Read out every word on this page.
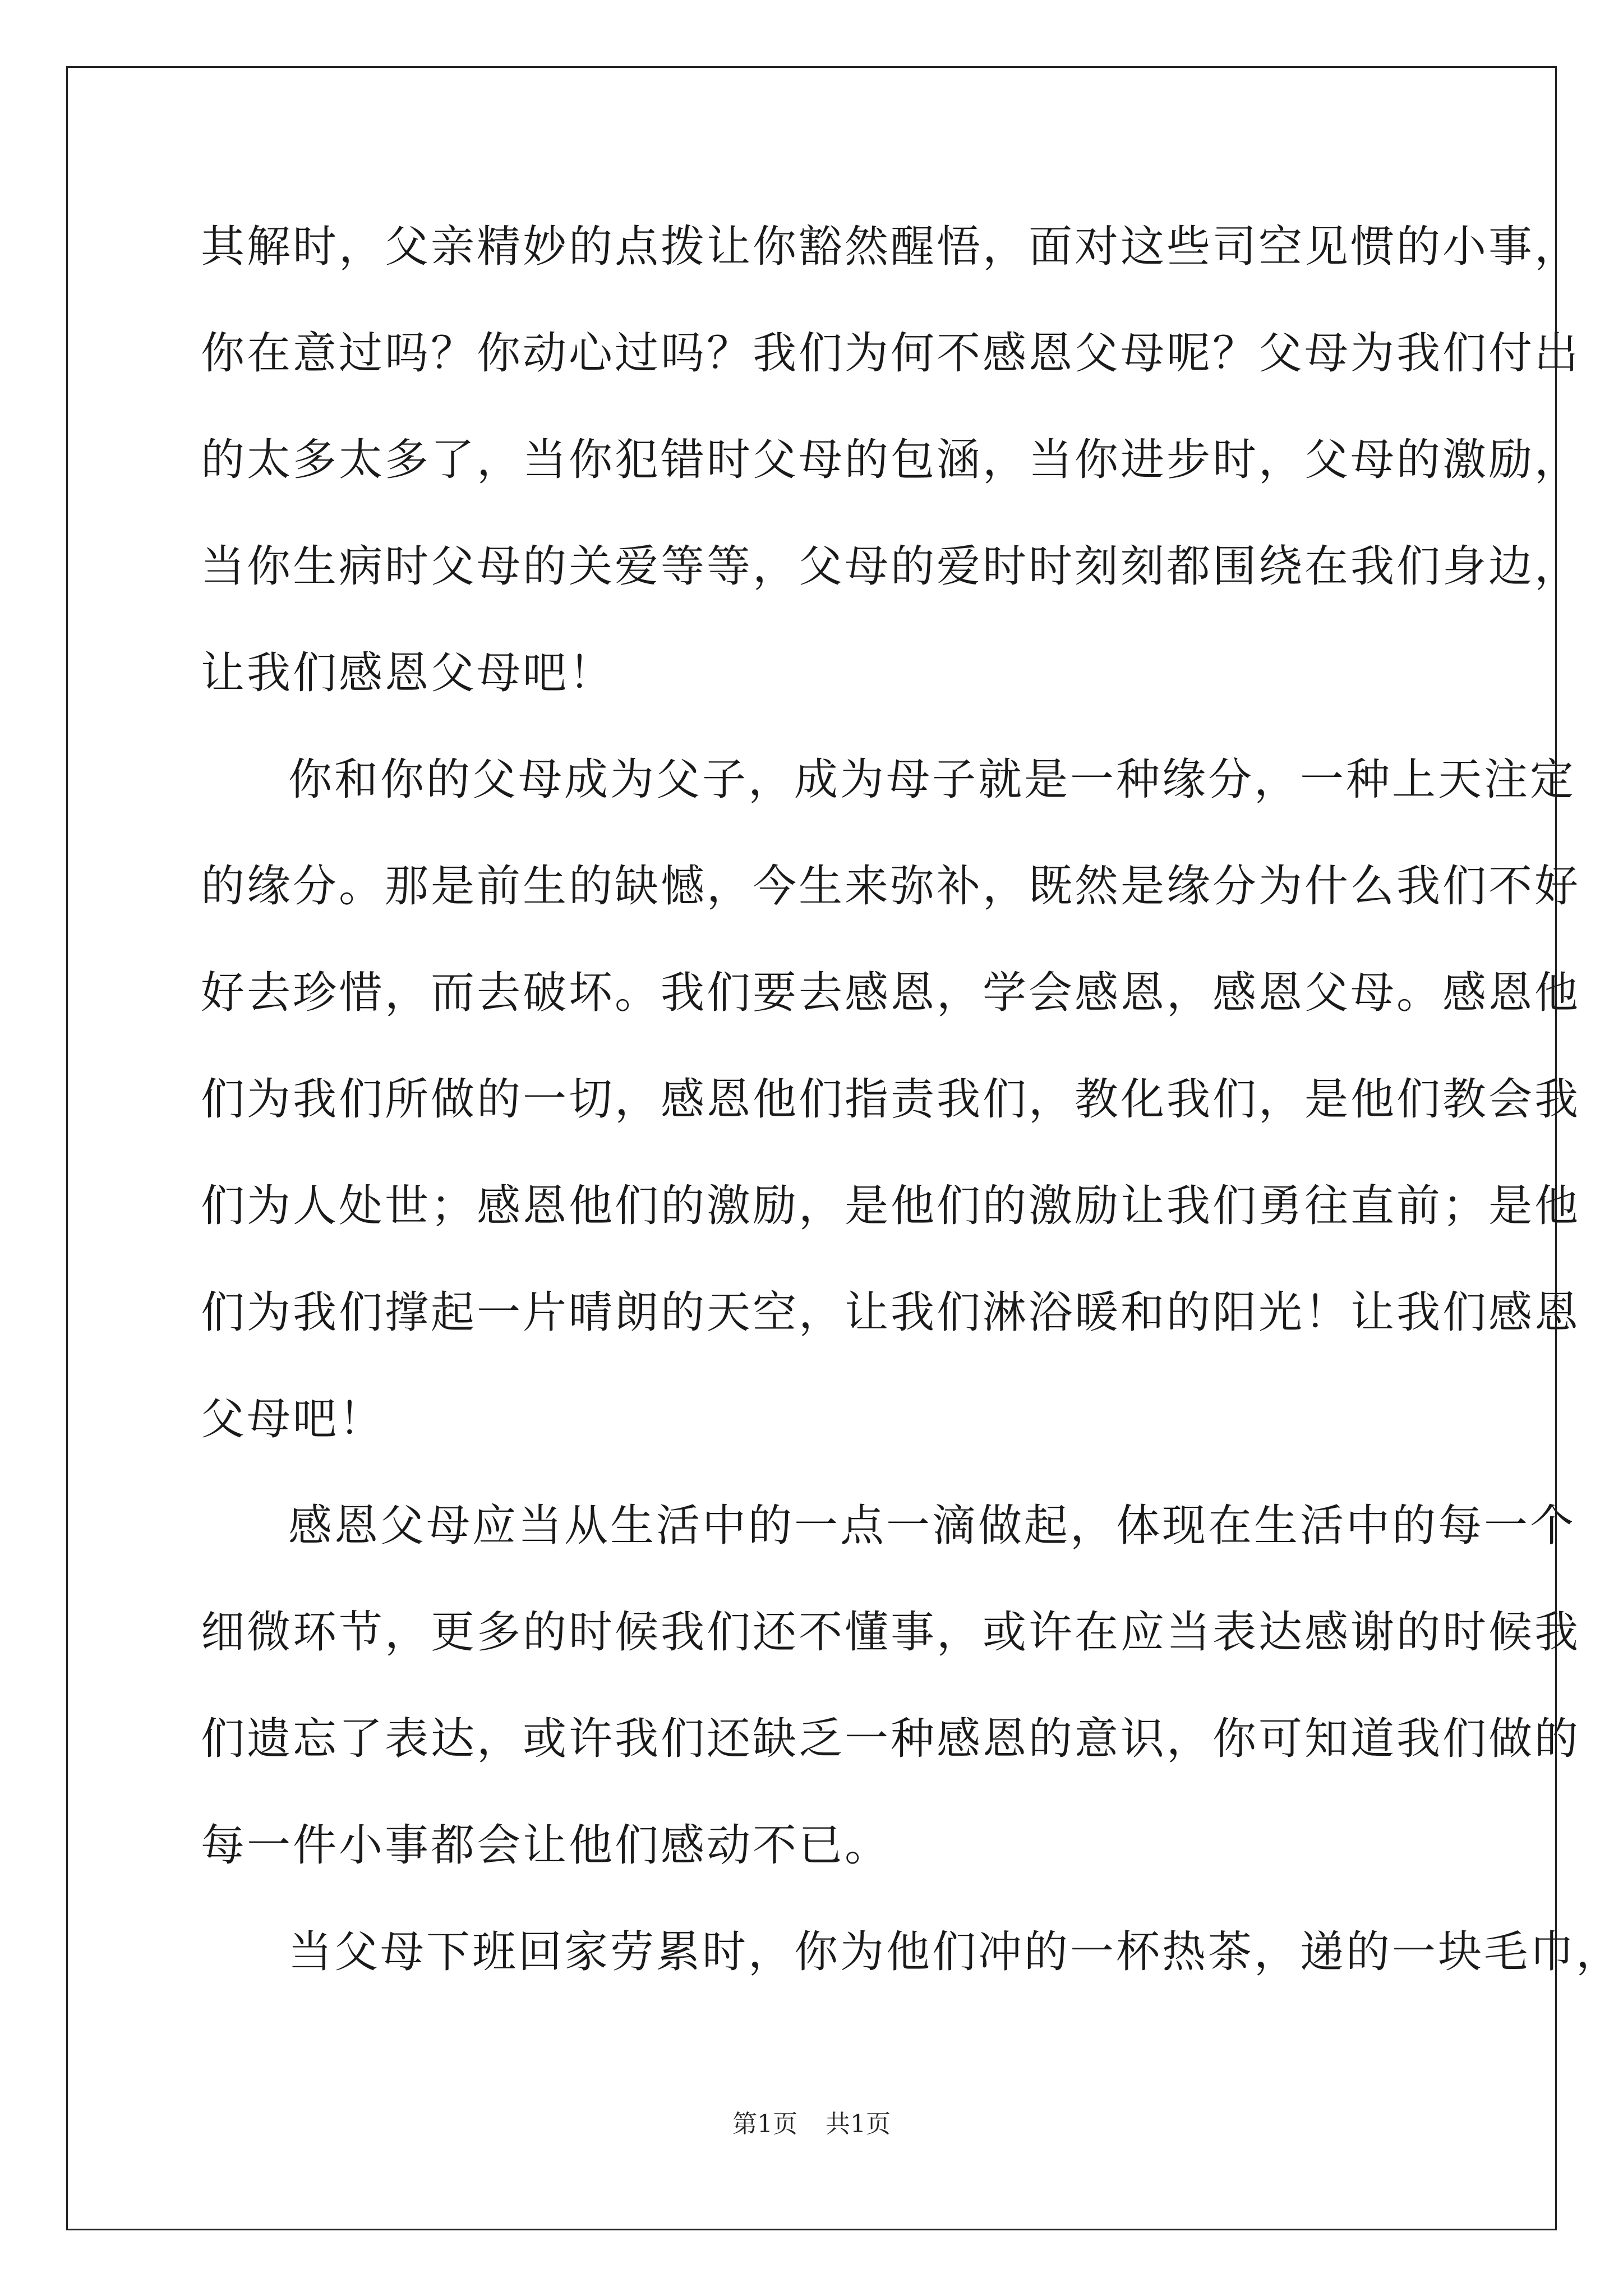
其解时，父亲精妙的点拨让你豁然醒悟，面对这些司空见惯的小事，
你在意过吗？你动心过吗？我们为何不感恩父母呢？父母为我们付出
的太多太多了，当你犯错时父母的包涵，当你进步时，父母的激励，
当你生病时父母的关爱等等，父母的爱时时刻刻都围绕在我们身边，
让我们感恩父母吧！
你和你的父母成为父子，成为母子就是一种缘分，一种上天注定
的缘分。那是前生的缺憾，今生来弥补，既然是缘分为什么我们不好
好去珍惜，而去破坏。我们要去感恩，学会感恩，感恩父母。感恩他
们为我们所做的一切，感恩他们指责我们，教化我们，是他们教会我
们为人处世；感恩他们的激励，是他们的激励让我们勇往直前；是他
们为我们撑起一片晴朗的天空，让我们淋浴暖和的阳光！让我们感恩
父母吧！
感恩父母应当从生活中的一点一滴做起，体现在生活中的每一个
细微环节，更多的时候我们还不懂事，或许在应当表达感谢的时候我
们遗忘了表达，或许我们还缺乏一种感恩的意识，你可知道我们做的
每一件小事都会让他们感动不已。
当父母下班回家劳累时，你为他们冲的一杯热茶，递的一块毛巾，
第1页 共1页
